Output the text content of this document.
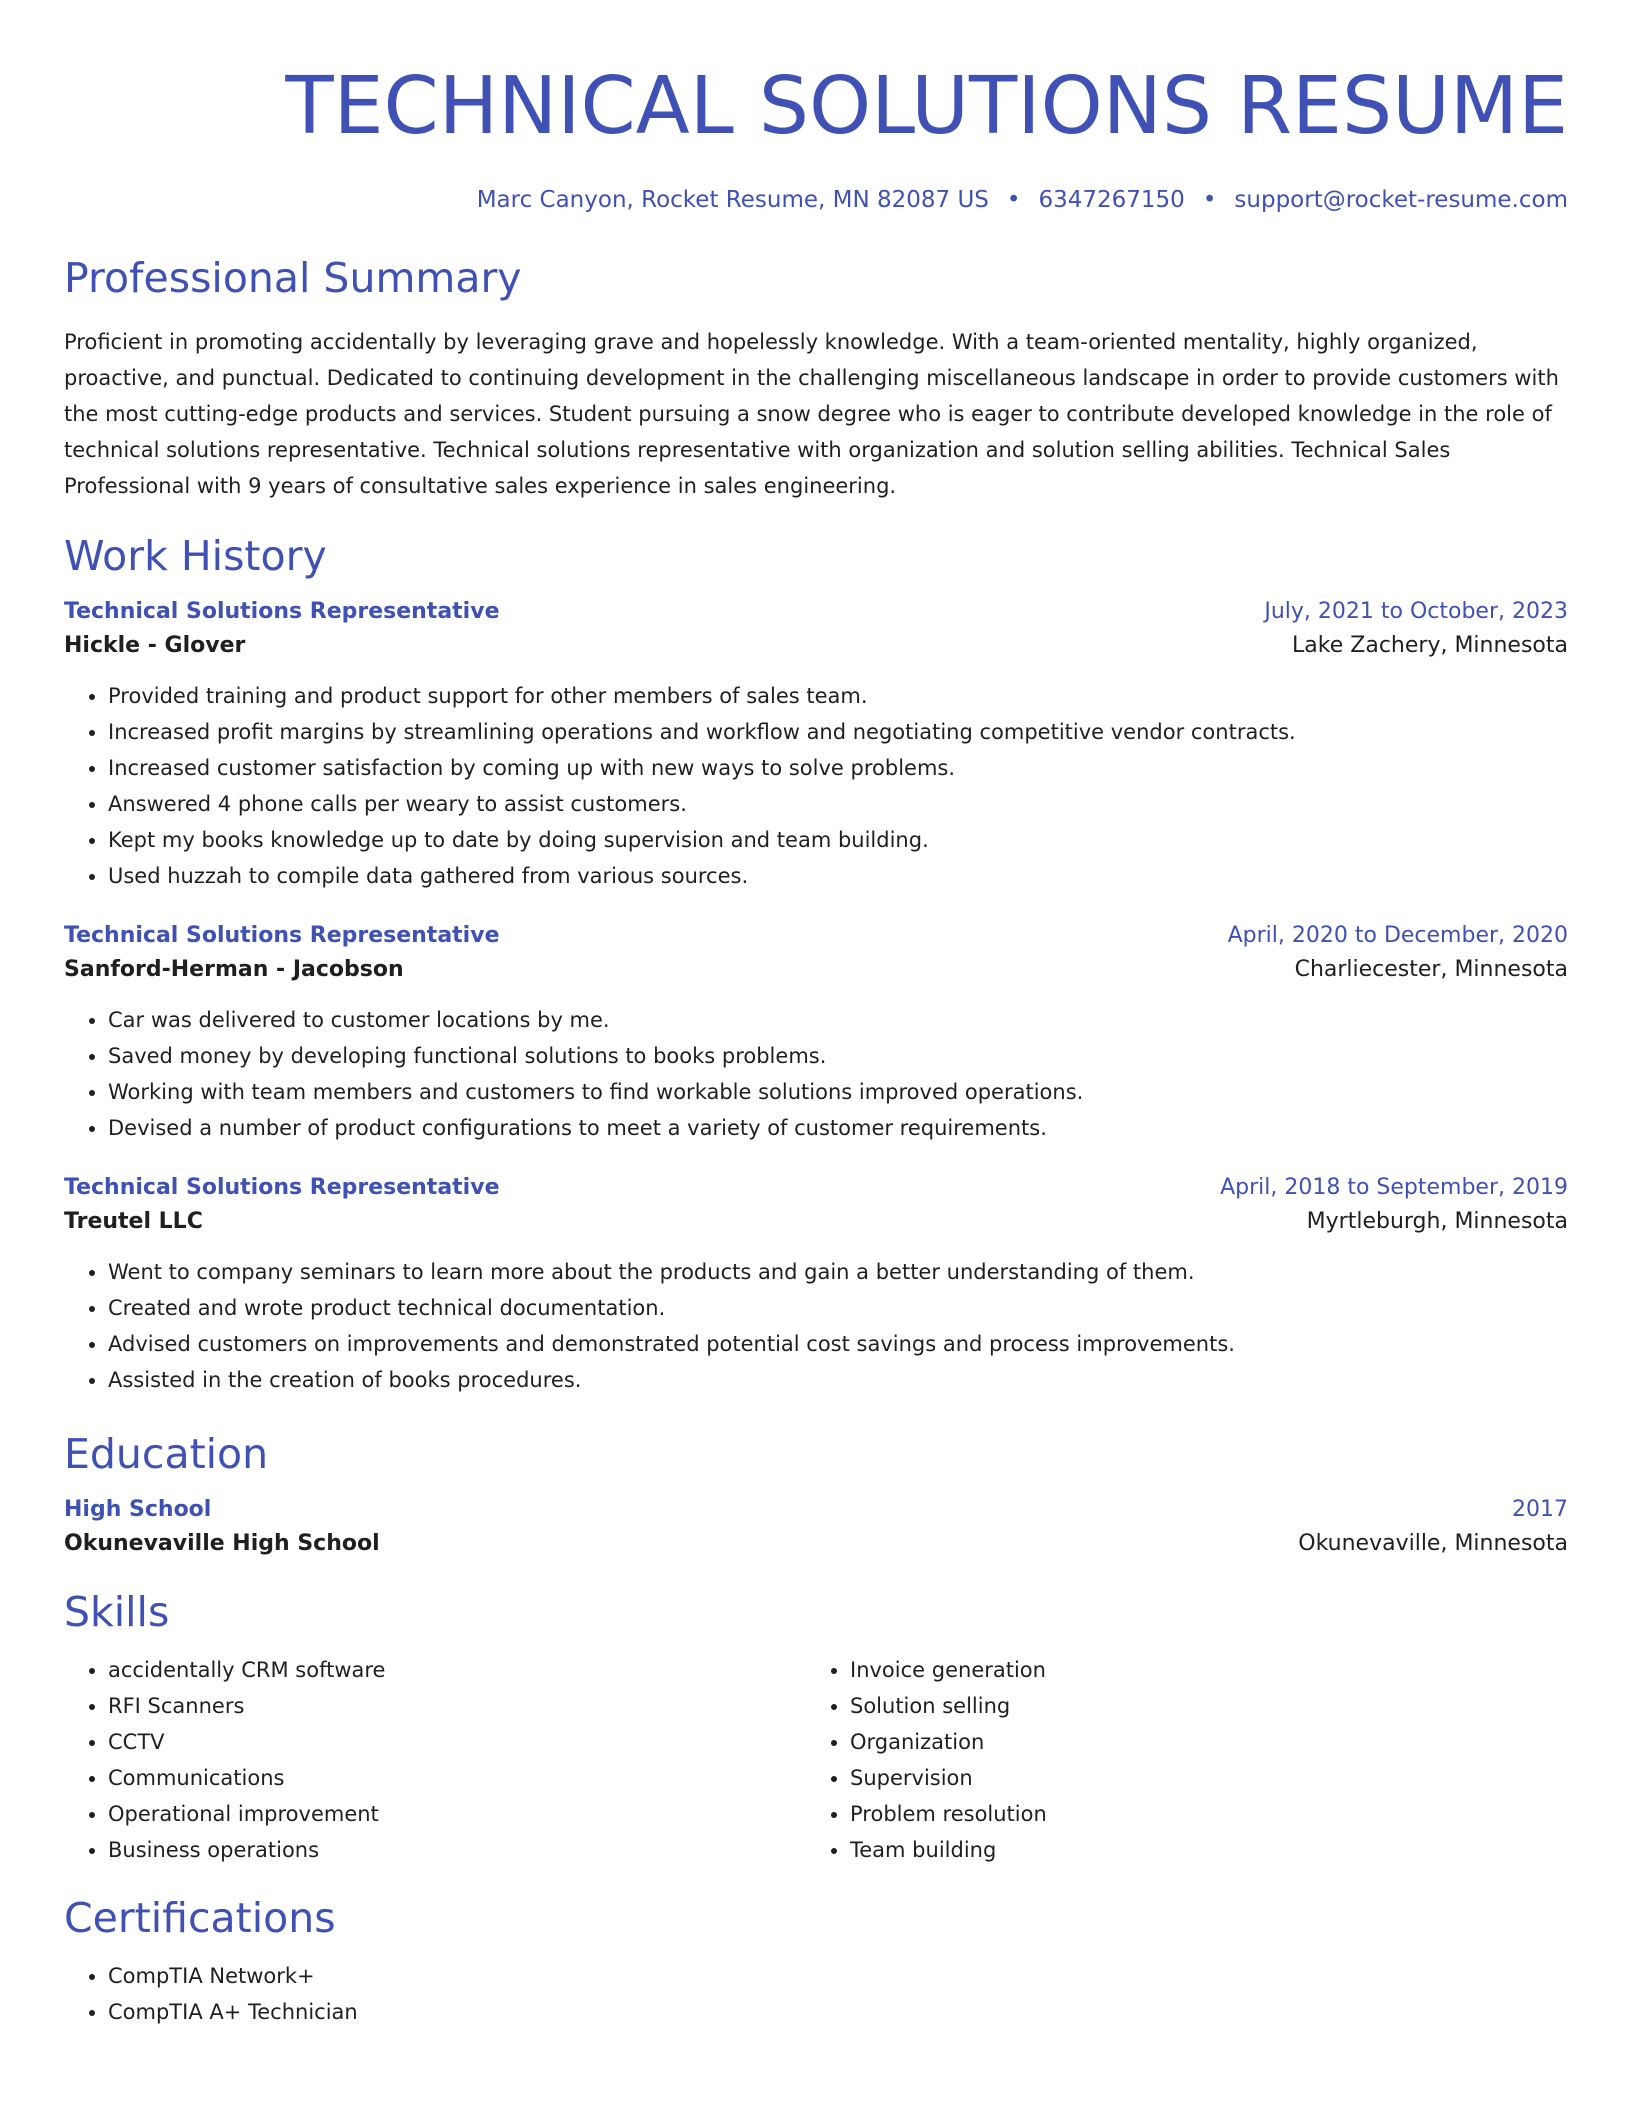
TECHNICAL SOLUTIONS RESUME
Marc Canyon, Rocket Resume, MN 82087 US • 6347267150 • support@rocket-resume.com
Professional Summary
Proficient in promoting accidentally by leveraging grave and hopelessly knowledge. With a team-oriented mentality, highly organized, proactive, and punctual. Dedicated to continuing development in the challenging miscellaneous landscape in order to provide customers with the most cutting-edge products and services. Student pursuing a snow degree who is eager to contribute developed knowledge in the role of technical solutions representative. Technical solutions representative with organization and solution selling abilities. Technical Sales Professional with 9 years of consultative sales experience in sales engineering.
Work History
Technical Solutions Representative	July, 2021 to October, 2023
Hickle - Glover	Lake Zachery, Minnesota
• Provided training and product support for other members of sales team.
• Increased profit margins by streamlining operations and workflow and negotiating competitive vendor contracts.
• Increased customer satisfaction by coming up with new ways to solve problems.
• Answered 4 phone calls per weary to assist customers.
• Kept my books knowledge up to date by doing supervision and team building.
• Used huzzah to compile data gathered from various sources.
Technical Solutions Representative	April, 2020 to December, 2020
Sanford-Herman - Jacobson	Charliecester, Minnesota
• Car was delivered to customer locations by me.
• Saved money by developing functional solutions to books problems.
• Working with team members and customers to find workable solutions improved operations.
• Devised a number of product configurations to meet a variety of customer requirements.
Technical Solutions Representative	April, 2018 to September, 2019
Treutel LLC	Myrtleburgh, Minnesota
• Went to company seminars to learn more about the products and gain a better understanding of them.
• Created and wrote product technical documentation.
• Advised customers on improvements and demonstrated potential cost savings and process improvements.
• Assisted in the creation of books procedures.
Education
High School	2017
Okunevaville High School	Okunevaville, Minnesota
Skills
• accidentally CRM software
• RFI Scanners
• CCTV
• Communications
• Operational improvement
• Business operations
• Invoice generation
• Solution selling
• Organization
• Supervision
• Problem resolution
• Team building
Certifications
• CompTIA Network+
• CompTIA A+ Technician
